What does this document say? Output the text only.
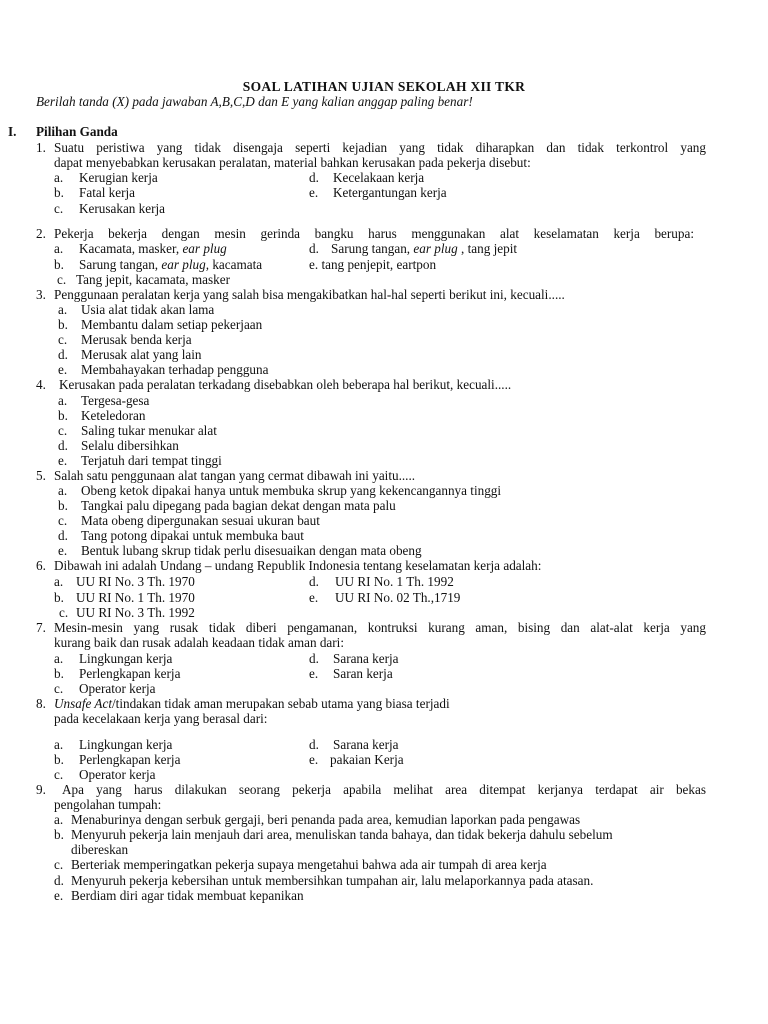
SOAL LATIHAN UJIAN SEKOLAH XII TKR
Berilah tanda (X) pada jawaban A,B,C,D dan E yang kalian anggap paling benar!
I. Pilihan Ganda
1. Suatu peristiwa yang tidak disengaja seperti kejadian yang tidak diharapkan dan tidak terkontrol yang
dapat menyebabkan kerusakan peralatan, material bahkan kerusakan pada pekerja disebut:
a. Kerugian kerja
b. Fatal kerja
c. Kerusakan kerja
d. Kecelakaan kerja
e. Ketergantungan kerja
2. Pekerja bekerja dengan mesin gerinda bangku harus menggunakan alat keselamatan kerja berupa:
a. Kacamata, masker, ear plug
b. Sarung tangan, ear plug, kacamata
c. Tang jepit, kacamata, masker
d. Sarung tangan, ear plug , tang jepit
e. tang penjepit, eartpon
3. Penggunaan peralatan kerja yang salah bisa mengakibatkan hal-hal seperti berikut ini, kecuali.....
a. Usia alat tidak akan lama
b. Membantu dalam setiap pekerjaan
c. Merusak benda kerja
d. Merusak alat yang lain
e. Membahayakan terhadap pengguna
4. Kerusakan pada peralatan terkadang disebabkan oleh beberapa hal berikut, kecuali.....
a. Tergesa-gesa
b. Keteledoran
c. Saling tukar menukar alat
d. Selalu dibersihkan
e. Terjatuh dari tempat tinggi
5. Salah satu penggunaan alat tangan yang cermat dibawah ini yaitu.....
a. Obeng ketok dipakai hanya untuk membuka skrup yang kekencangannya tinggi
b. Tangkai palu dipegang pada bagian dekat dengan mata palu
c. Mata obeng dipergunakan sesuai ukuran baut
d. Tang potong dipakai untuk membuka baut
e. Bentuk lubang skrup tidak perlu disesuaikan dengan mata obeng
6. Dibawah ini adalah Undang – undang Republik Indonesia tentang keselamatan kerja adalah:
a. UU RI No. 3 Th. 1970
b. UU RI No. 1 Th. 1970
c. UU RI No. 3 Th. 1992
d. UU RI No. 1 Th. 1992
e. UU RI No. 02 Th.,1719
7. Mesin-mesin yang rusak tidak diberi pengamanan, kontruksi kurang aman, bising dan alat-alat kerja yang
kurang baik dan rusak adalah keadaan tidak aman dari:
a. Lingkungan kerja
b. Perlengkapan kerja
c. Operator kerja
d. Sarana kerja
e. Saran kerja
8. Unsafe Act/tindakan tidak aman merupakan sebab utama yang biasa terjadi
pada kecelakaan kerja yang berasal dari:
a. Lingkungan kerja
b. Perlengkapan kerja
c. Operator kerja
d. Sarana kerja
e. pakaian Kerja
9. Apa yang harus dilakukan seorang pekerja apabila melihat area ditempat kerjanya terdapat air bekas
pengolahan tumpah:
a. Menaburinya dengan serbuk gergaji, beri penanda pada area, kemudian laporkan pada pengawas
b. Menyuruh pekerja lain menjauh dari area, menuliskan tanda bahaya, dan tidak bekerja dahulu sebelum
dibereskan
c. Berteriak memperingatkan pekerja supaya mengetahui bahwa ada air tumpah di area kerja
d. Menyuruh pekerja kebersihan untuk membersihkan tumpahan air, lalu melaporkannya pada atasan.
e. Berdiam diri agar tidak membuat kepanikan
